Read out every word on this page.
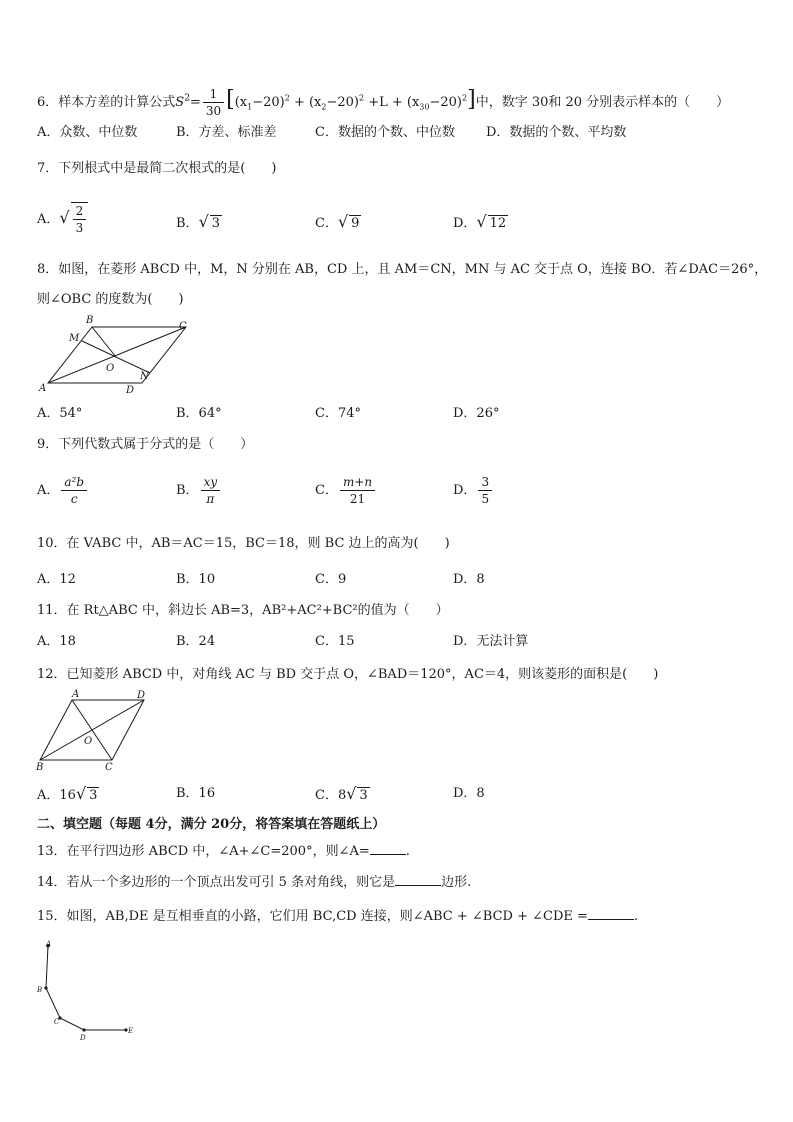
6．样本方差的计算公式$S^2= \frac{1}{30} [(x_1-20)^2 + (x_2-20)^2 +L + (x_{30}-20)^2]$中，数字 30和 20 分别表示样本的（　　）
A．众数、中位数	B．方差、标准差	C．数据的个数、中位数 D．数据的个数、平均数
7．下列根式中是最简二次根式的是(　　)
A．√ $\frac{2}{3}$	B．√ 3	C．√ 9	D．√ 12
8．如图，在菱形 ABCD 中，M，N 分别在 AB，CD 上，且 AM＝CN，MN 与 AC 交于点 O，连接 BO．若∠DAC＝26°，
则∠OBC 的度数为(　　)
A
B
C
D
M
N
O
A．54°	B．64°	C．74°	D．26°
9．下列代数式属于分式的是（　　）
A． $\frac{\text{a²b}}{c}$	B． $\frac{xy}{\pi}$	C． $\frac{m+n}{21}$	D． $\frac{3}{5}$
10．在 VABC 中，AB＝AC＝15，BC＝18，则 BC 边上的高为(　　)
A．12	B．10	C．9	D．8
11．在 Rt△ABC 中，斜边长 AB=3，AB²+AC²+BC²的值为（　　）
A．18	B．24	C．15	D．无法计算
12．已知菱形 ABCD 中，对角线 AC 与 BD 交于点 O，∠BAD＝120°，AC＝4，则该菱形的面积是(　　)
A	D
B	C
O
A．16√ 3	B．16	C．8√ 3	D．8
二、填空题（每题 4分，满分 20分，将答案填在答题纸上）
13．在平行四边形 ABCD 中，∠A+∠C=200°，则∠A=	.
14．若从一个多边形的一个顶点出发可引 5 条对角线，则它是	边形.
15．如图，AB,DE 是互相垂直的小路，它们用 BC,CD 连接，则∠ABC + ∠BCD + ∠CDE =	.
A
B
C
D
E
